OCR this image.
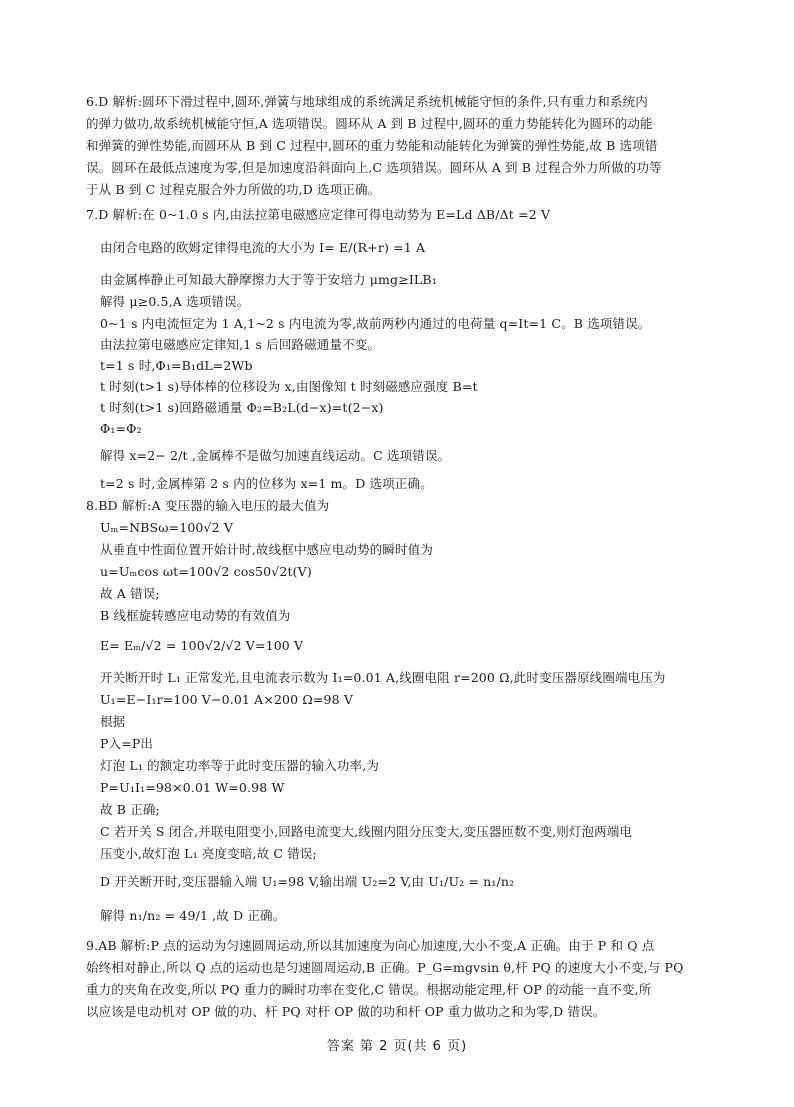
6.D 解析:圆环下滑过程中,圆环,弹簧与地球组成的系统满足系统机械能守恒的条件,只有重力和系统内
的弹力做功,故系统机械能守恒,A 选项错误。圆环从 A 到 B 过程中,圆环的重力势能转化为圆环的动能
和弹簧的弹性势能,而圆环从 B 到 C 过程中,圆环的重力势能和动能转化为弹簧的弹性势能,故 B 选项错
误。圆环在最低点速度为零,但是加速度沿斜面向上,C 选项错误。圆环从 A 到 B 过程合外力所做的功等
于从 B 到 C 过程克服合外力所做的功,D 选项正确。
7.D 解析:在 0~1.0 s 内,由法拉第电磁感应定律可得电动势为 E=Ld ΔB/Δt =2 V
由闭合电路的欧姆定律得电流的大小为 I= E/(R+r) =1 A
由金属棒静止可知最大静摩擦力大于等于安培力 μmg≥ILB₁
解得 μ≥0.5,A 选项错误。
0~1 s 内电流恒定为 1 A,1~2 s 内电流为零,故前两秒内通过的电荷量 q=It=1 C。B 选项错误。
由法拉第电磁感应定律知,1 s 后回路磁通量不变。
t=1 s 时,Φ₁=B₁dL=2Wb
t 时刻(t>1 s)导体棒的位移设为 x,由图像知 t 时刻磁感应强度 B=t
t 时刻(t>1 s)回路磁通量 Φ₂=B₂L(d−x)=t(2−x)
Φ₁=Φ₂
解得 x=2− 2/t ,金属棒不是做匀加速直线运动。C 选项错误。
t=2 s 时,金属棒第 2 s 内的位移为 x=1 m。D 选项正确。
8.BD 解析:A 变压器的输入电压的最大值为
Uₘ=NBSω=100√2 V
从垂直中性面位置开始计时,故线框中感应电动势的瞬时值为
u=Uₘcos ωt=100√2 cos50√2t(V)
故 A 错误;
B 线框旋转感应电动势的有效值为
E= Eₘ/√2 = 100√2/√2 V=100 V
开关断开时 L₁ 正常发光,且电流表示数为 I₁=0.01 A,线圈电阻 r=200 Ω,此时变压器原线圈端电压为
U₁=E−I₁r=100 V−0.01 A×200 Ω=98 V
根据
P入=P出
灯泡 L₁ 的额定功率等于此时变压器的输入功率,为
P=U₁I₁=98×0.01 W=0.98 W
故 B 正确;
C 若开关 S 闭合,并联电阻变小,回路电流变大,线圈内阻分压变大,变压器匝数不变,则灯泡两端电
压变小,故灯泡 L₁ 亮度变暗,故 C 错误;
D 开关断开时,变压器输入端 U₁=98 V,输出端 U₂=2 V,由 U₁/U₂ = n₁/n₂
解得 n₁/n₂ = 49/1 ,故 D 正确。
9.AB 解析:P 点的运动为匀速圆周运动,所以其加速度为向心加速度,大小不变,A 正确。由于 P 和 Q 点
始终相对静止,所以 Q 点的运动也是匀速圆周运动,B 正确。P_G=mgvsin θ,杆 PQ 的速度大小不变,与 PQ
重力的夹角在改变,所以 PQ 重力的瞬时功率在变化,C 错误。根据动能定理,杆 OP 的动能一直不变,所
以应该是电动机对 OP 做的功、杆 PQ 对杆 OP 做的功和杆 OP 重力做功之和为零,D 错误。
答案 第 2 页(共 6 页)
